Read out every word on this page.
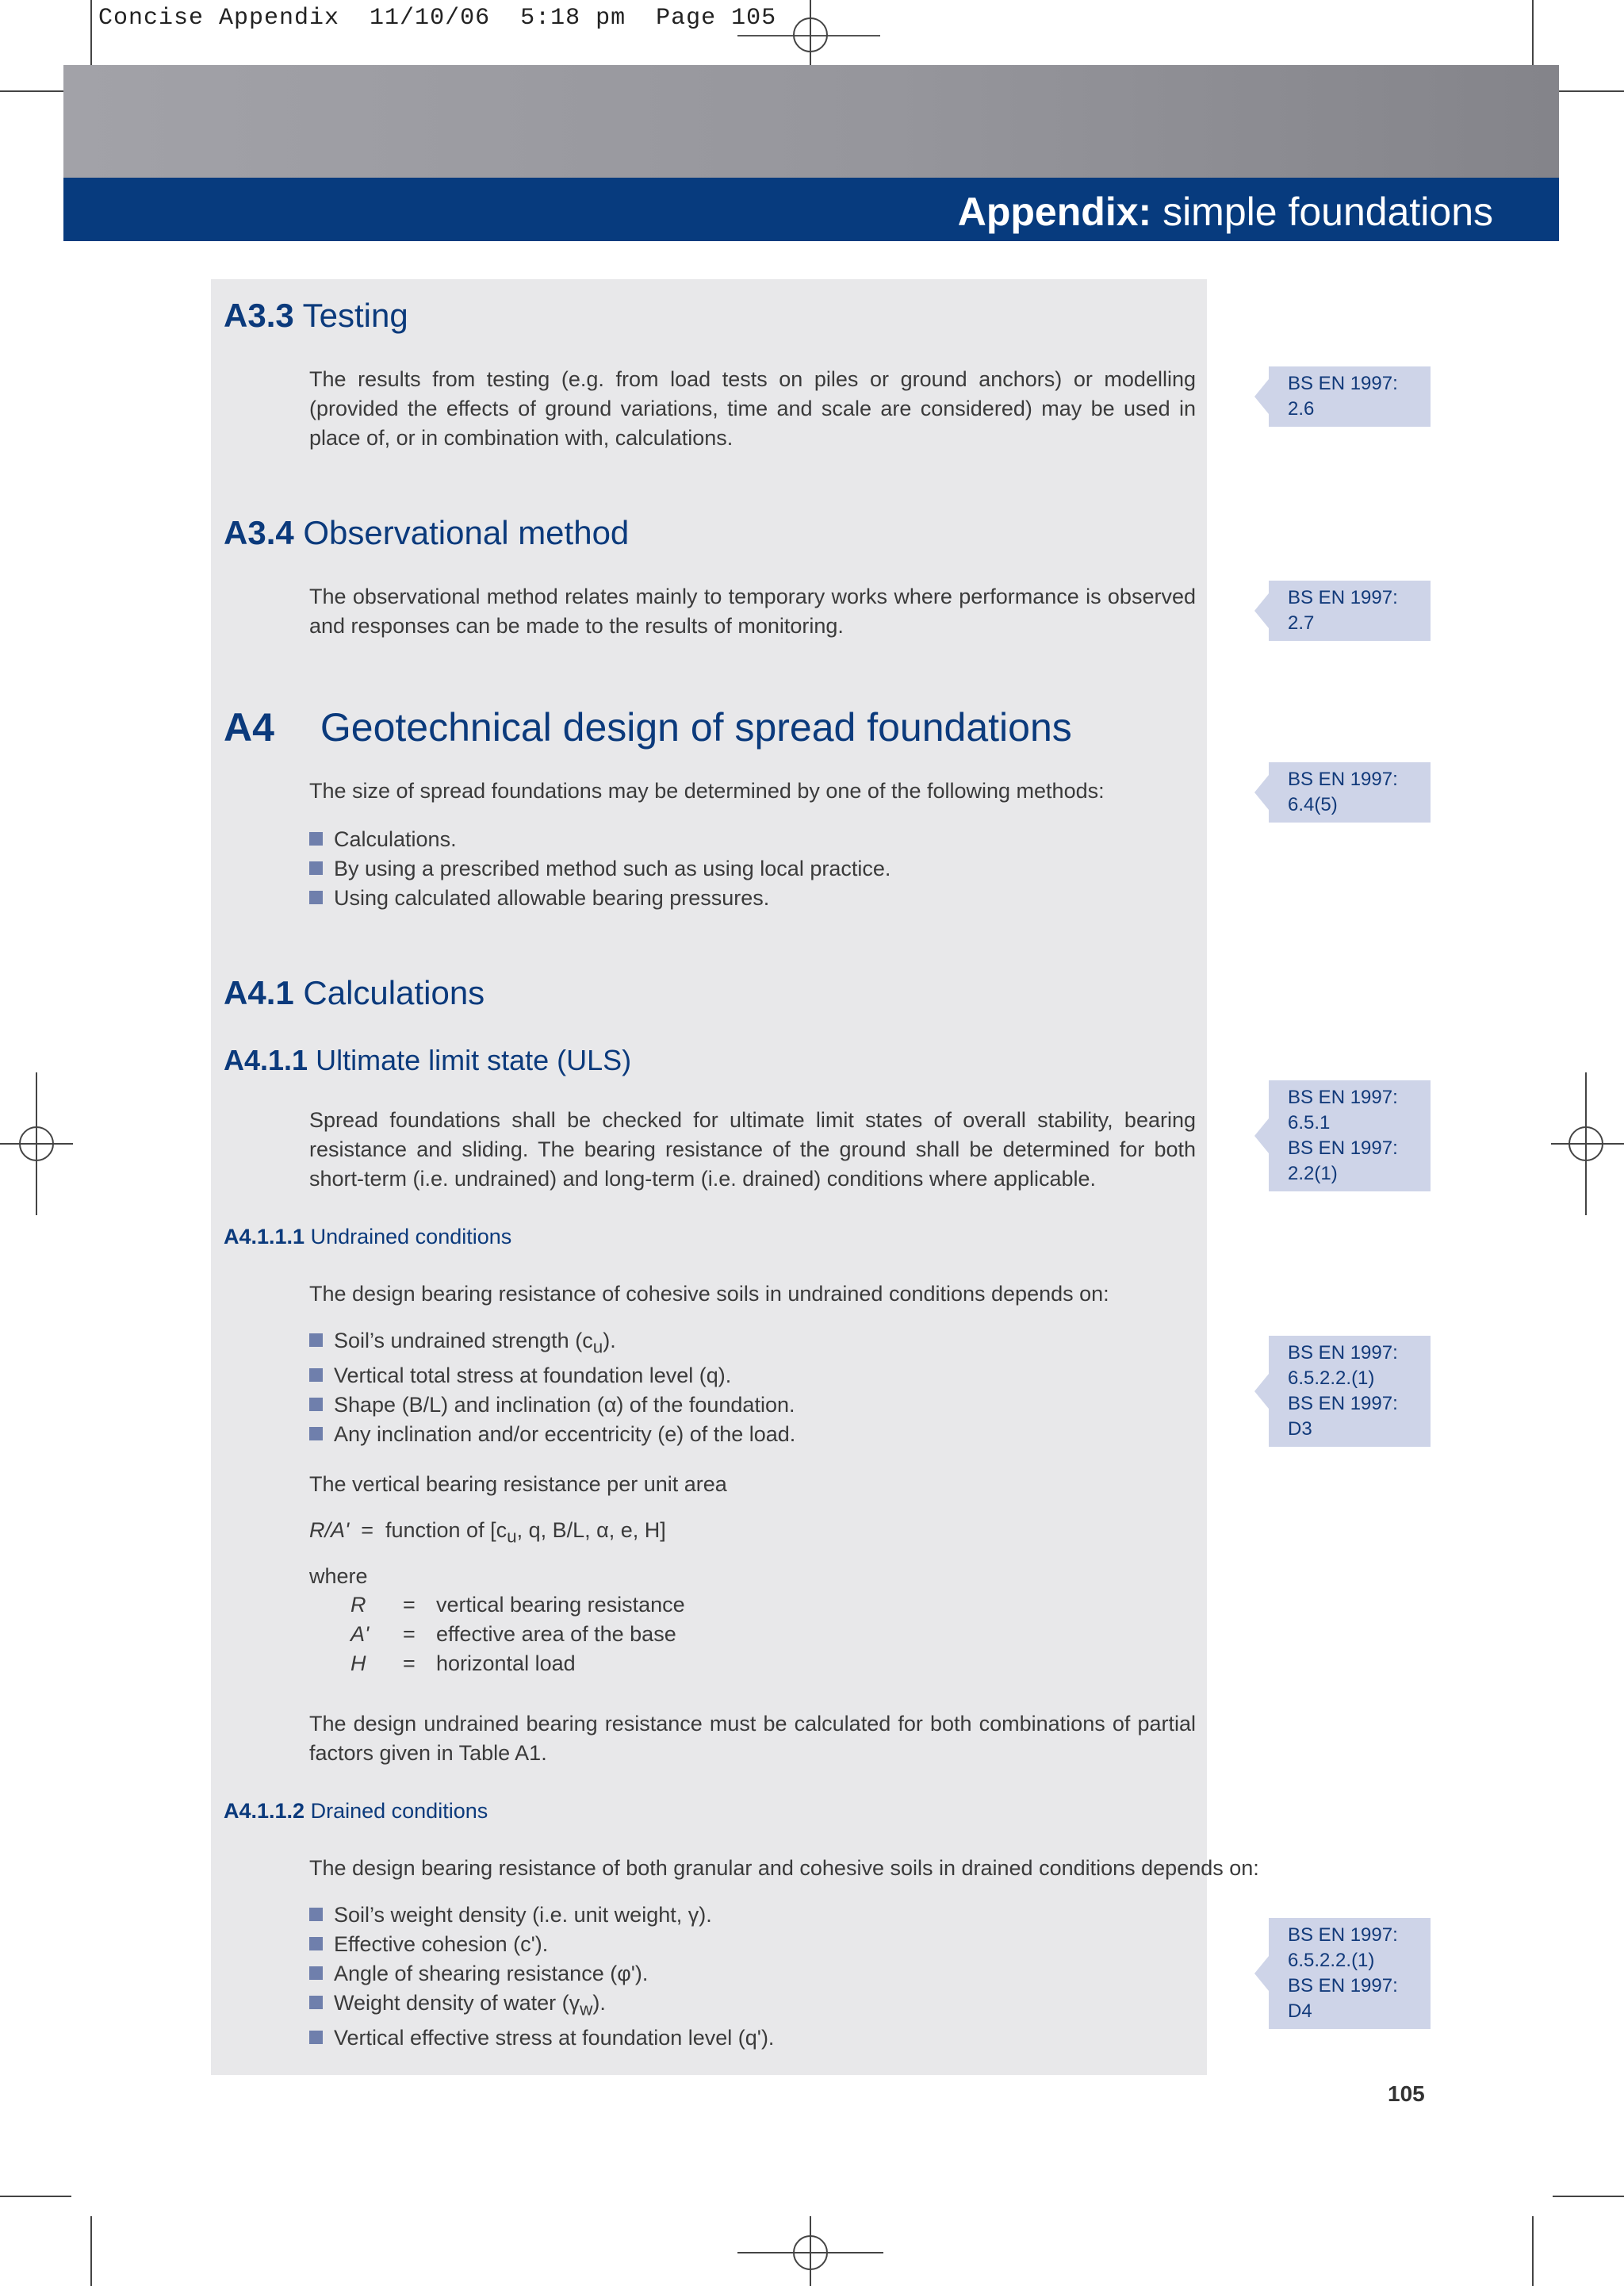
Concise Appendix  11/10/06  5:18 pm  Page 105
Appendix: simple foundations
A3.3 Testing
The results from testing (e.g. from load tests on piles or ground anchors) or modelling (provided the effects of ground variations, time and scale are considered) may be used in place of, or in combination with, calculations.
A3.4 Observational method
The observational method relates mainly to temporary works where performance is observed and responses can be made to the results of monitoring.
A4 Geotechnical design of spread foundations
The size of spread foundations may be determined by one of the following methods:
Calculations.
By using a prescribed method such as using local practice.
Using calculated allowable bearing pressures.
A4.1 Calculations
A4.1.1 Ultimate limit state (ULS)
Spread foundations shall be checked for ultimate limit states of overall stability, bearing resistance and sliding. The bearing resistance of the ground shall be determined for both short-term (i.e. undrained) and long-term (i.e. drained) conditions where applicable.
A4.1.1.1 Undrained conditions
The design bearing resistance of cohesive soils in undrained conditions depends on:
Soil’s undrained strength $(c_u)$.
Vertical total stress at foundation level (q).
Shape (B/L) and inclination (α) of the foundation.
Any inclination and/or eccentricity (e) of the load.
The vertical bearing resistance per unit area
R/A' = function of [$c_u$, q, B/L, α, e, H]
where
R = vertical bearing resistance
A' = effective area of the base
H = horizontal load
The design undrained bearing resistance must be calculated for both combinations of partial factors given in Table A1.
A4.1.1.2 Drained conditions
The design bearing resistance of both granular and cohesive soils in drained conditions depends on:
Soil’s weight density (i.e. unit weight, γ).
Effective cohesion (c').
Angle of shearing resistance (φ').
Weight density of water $(\gamma_w)$.
Vertical effective stress at foundation level (q').
BS EN 1997:
2.6
BS EN 1997:
2.7
BS EN 1997:
6.4(5)
BS EN 1997:
6.5.1
BS EN 1997:
2.2(1)
BS EN 1997:
6.5.2.2.(1)
BS EN 1997:
D3
BS EN 1997:
6.5.2.2.(1)
BS EN 1997:
D4
105
